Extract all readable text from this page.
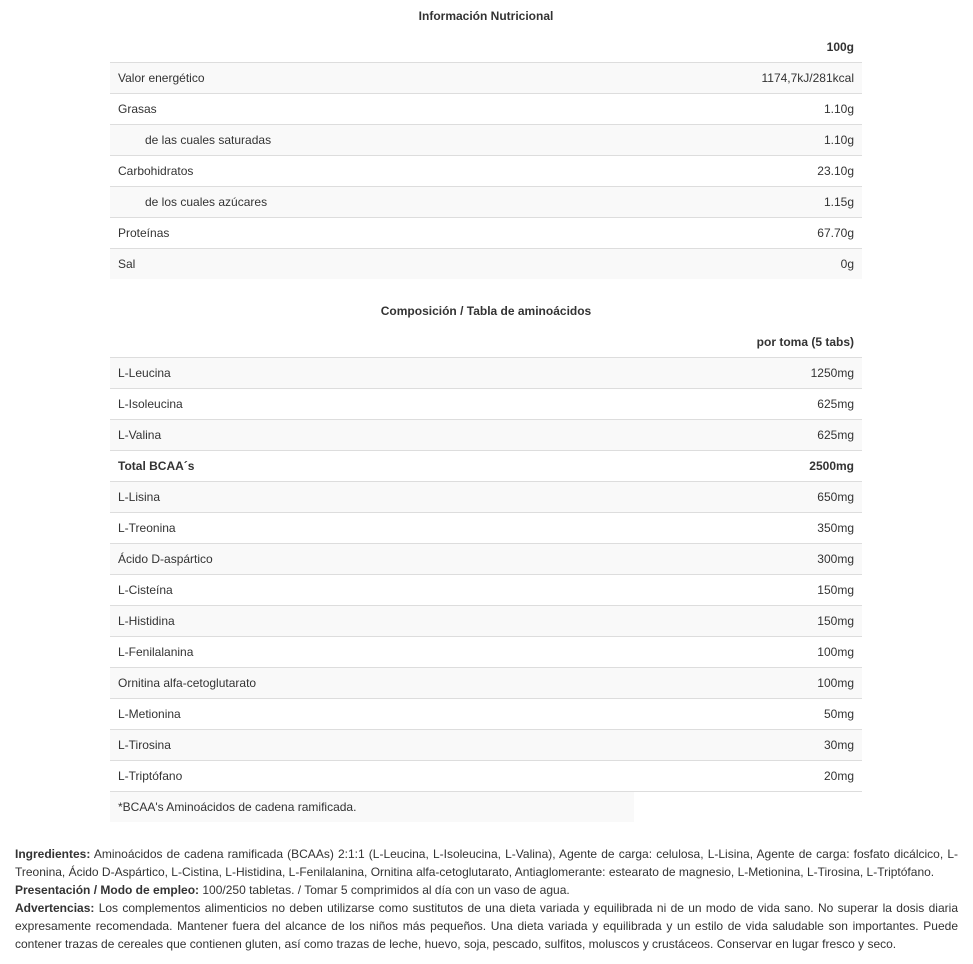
Información Nutricional
100g
Valor energético	1174,7kJ/281kcal
Grasas	1.10g
de las cuales saturadas	1.10g
Carbohidratos	23.10g
de los cuales azúcares	1.15g
Proteínas	67.70g
Sal	0g
Composición / Tabla de aminoácidos
por toma (5 tabs)
L-Leucina	1250mg
L-Isoleucina	625mg
L-Valina	625mg
Total BCAA´s	2500mg
L-Lisina	650mg
L-Treonina	350mg
Ácido D-aspártico	300mg
L-Cisteína	150mg
L-Histidina	150mg
L-Fenilalanina	100mg
Ornitina alfa-cetoglutarato	100mg
L-Metionina	50mg
L-Tirosina	30mg
L-Triptófano	20mg
*BCAA's Aminoácidos de cadena ramificada.

Ingredientes: Aminoácidos de cadena ramificada (BCAAs) 2:1:1 (L-Leucina, L-Isoleucina, L-Valina), Agente de carga: celulosa, L-Lisina, Agente de carga: fosfato dicálcico, L-Treonina, Ácido D-Aspártico, L-Cistina, L-Histidina, L-Fenilalanina, Ornitina alfa-cetoglutarato, Antiaglomerante: estearato de magnesio, L-Metionina, L-Tirosina, L-Triptófano.

Presentación / Modo de empleo: 100/250 tabletas. / Tomar 5 comprimidos al día con un vaso de agua.

Advertencias: Los complementos alimenticios no deben utilizarse como sustitutos de una dieta variada y equilibrada ni de un modo de vida sano. No superar la dosis diaria expresamente recomendada. Mantener fuera del alcance de los niños más pequeños. Una dieta variada y equilibrada y un estilo de vida saludable son importantes. Puede contener trazas de cereales que contienen gluten, así como trazas de leche, huevo, soja, pescado, sulfitos, moluscos y crustáceos. Conservar en lugar fresco y seco.
